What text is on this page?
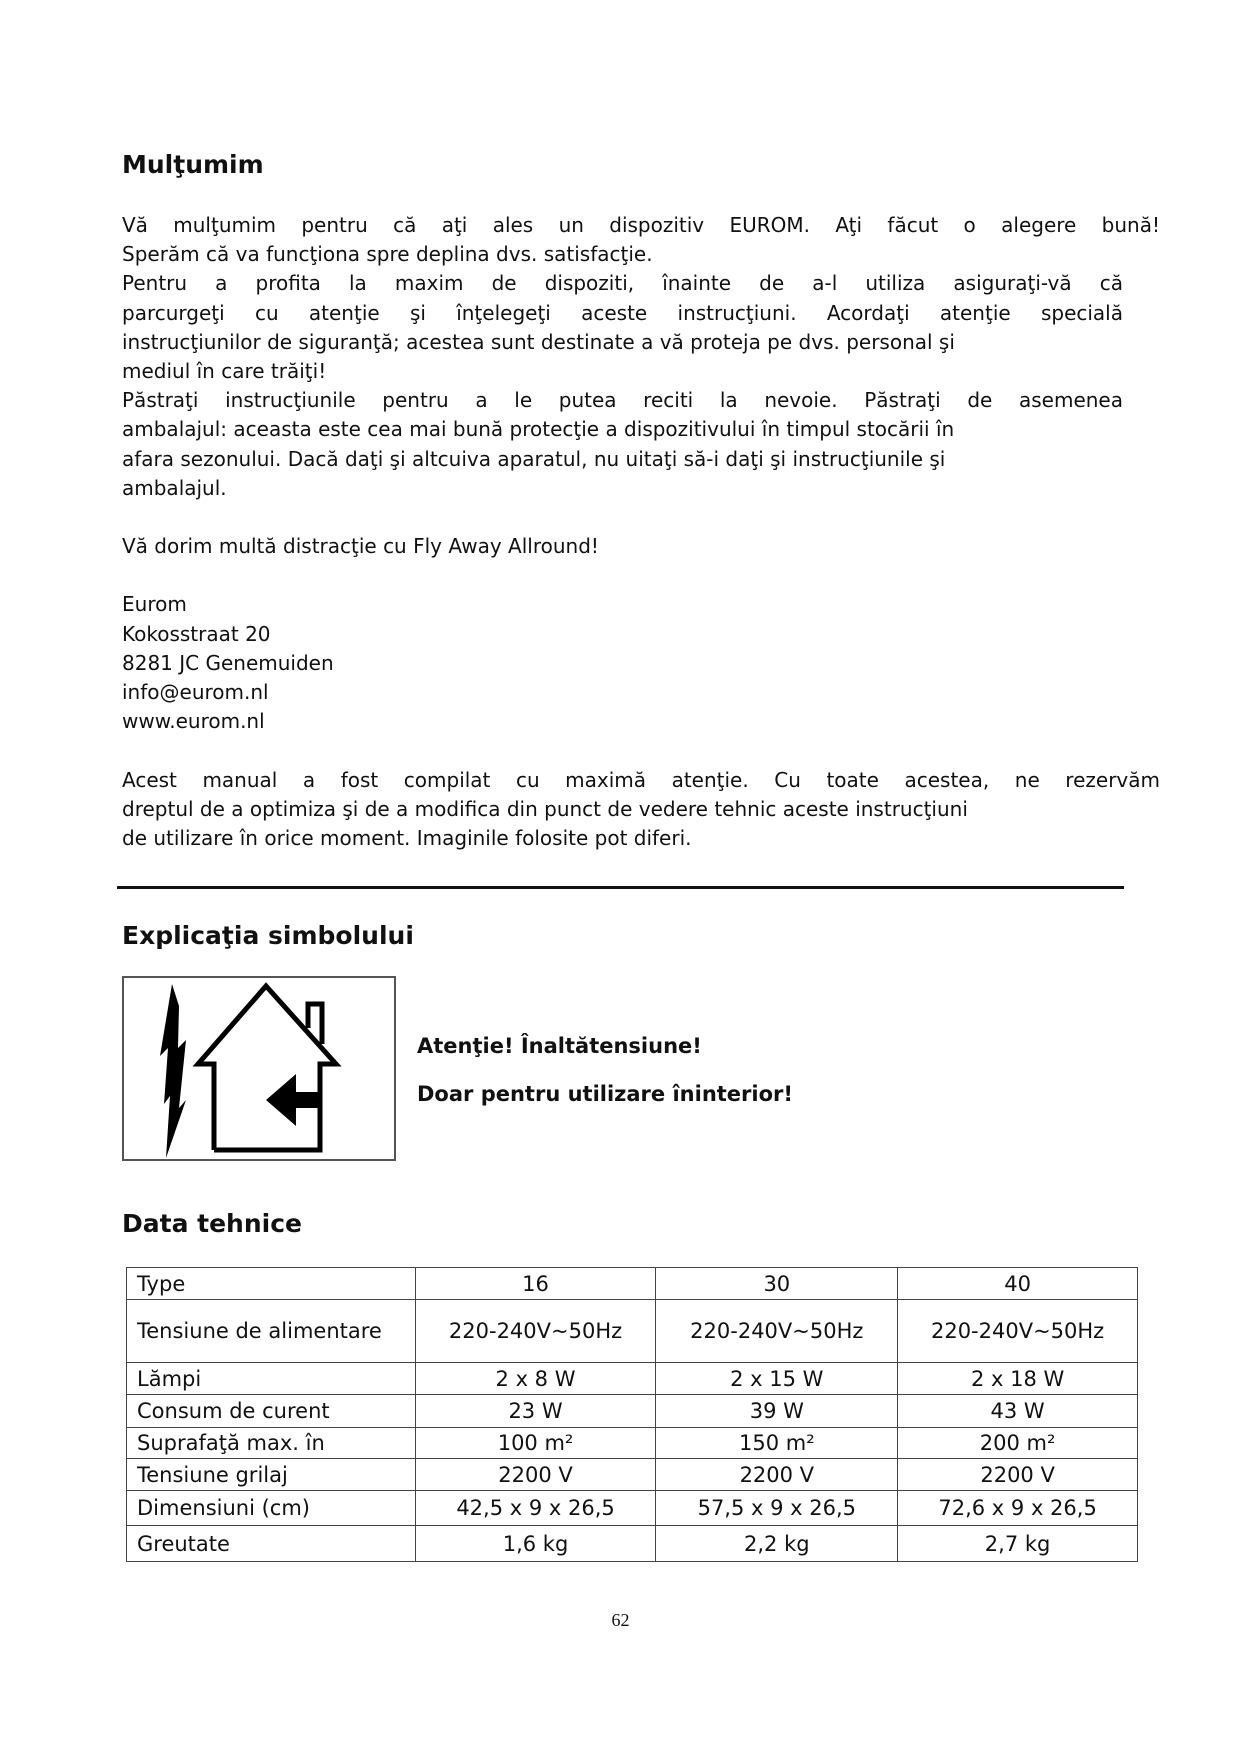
Mulţumim
Vă mulţumim pentru că aţi ales un dispozitiv EUROM. Aţi făcut o alegere bună!
Sperăm că va funcţiona spre deplina dvs. satisfacţie.
Pentru a profita la maxim de dispoziti, înainte de a-l utiliza asiguraţi-vă că
parcurgeţi cu atenţie şi înţelegeţi aceste instrucţiuni. Acordaţi atenţie specială
instrucţiunilor de siguranţă; acestea sunt destinate a vă proteja pe dvs. personal şi
mediul în care trăiţi!
Păstraţi instrucţiunile pentru a le putea reciti la nevoie. Păstraţi de asemenea
ambalajul: aceasta este cea mai bună protecţie a dispozitivului în timpul stocării în
afara sezonului. Dacă daţi şi altcuiva aparatul, nu uitaţi să-i daţi şi instrucţiunile şi
ambalajul.
Vă dorim multă distracţie cu Fly Away Allround!
Eurom
Kokosstraat 20
8281 JC Genemuiden
info@eurom.nl
www.eurom.nl
Acest manual a fost compilat cu maximă atenţie. Cu toate acestea, ne rezervăm
dreptul de a optimiza şi de a modifica din punct de vedere tehnic aceste instrucţiuni
de utilizare în orice moment. Imaginile folosite pot diferi.
Explicaţia simbolului
Atenţie! Înaltătensiune!
Doar pentru utilizare îninterior!
Data tehnice
Type	16	30	40
Tensiune de alimentare	220-240V~50Hz	220-240V~50Hz	220-240V~50Hz
Lămpi	2 x 8 W	2 x 15 W	2 x 18 W
Consum de curent	23 W	39 W	43 W
Suprafaţă max. în	100 m²	150 m²	200 m²
Tensiune grilaj	2200 V	2200 V	2200 V
Dimensiuni (cm)	42,5 x 9 x 26,5	57,5 x 9 x 26,5	72,6 x 9 x 26,5
Greutate	1,6 kg	2,2 kg	2,7 kg
62
